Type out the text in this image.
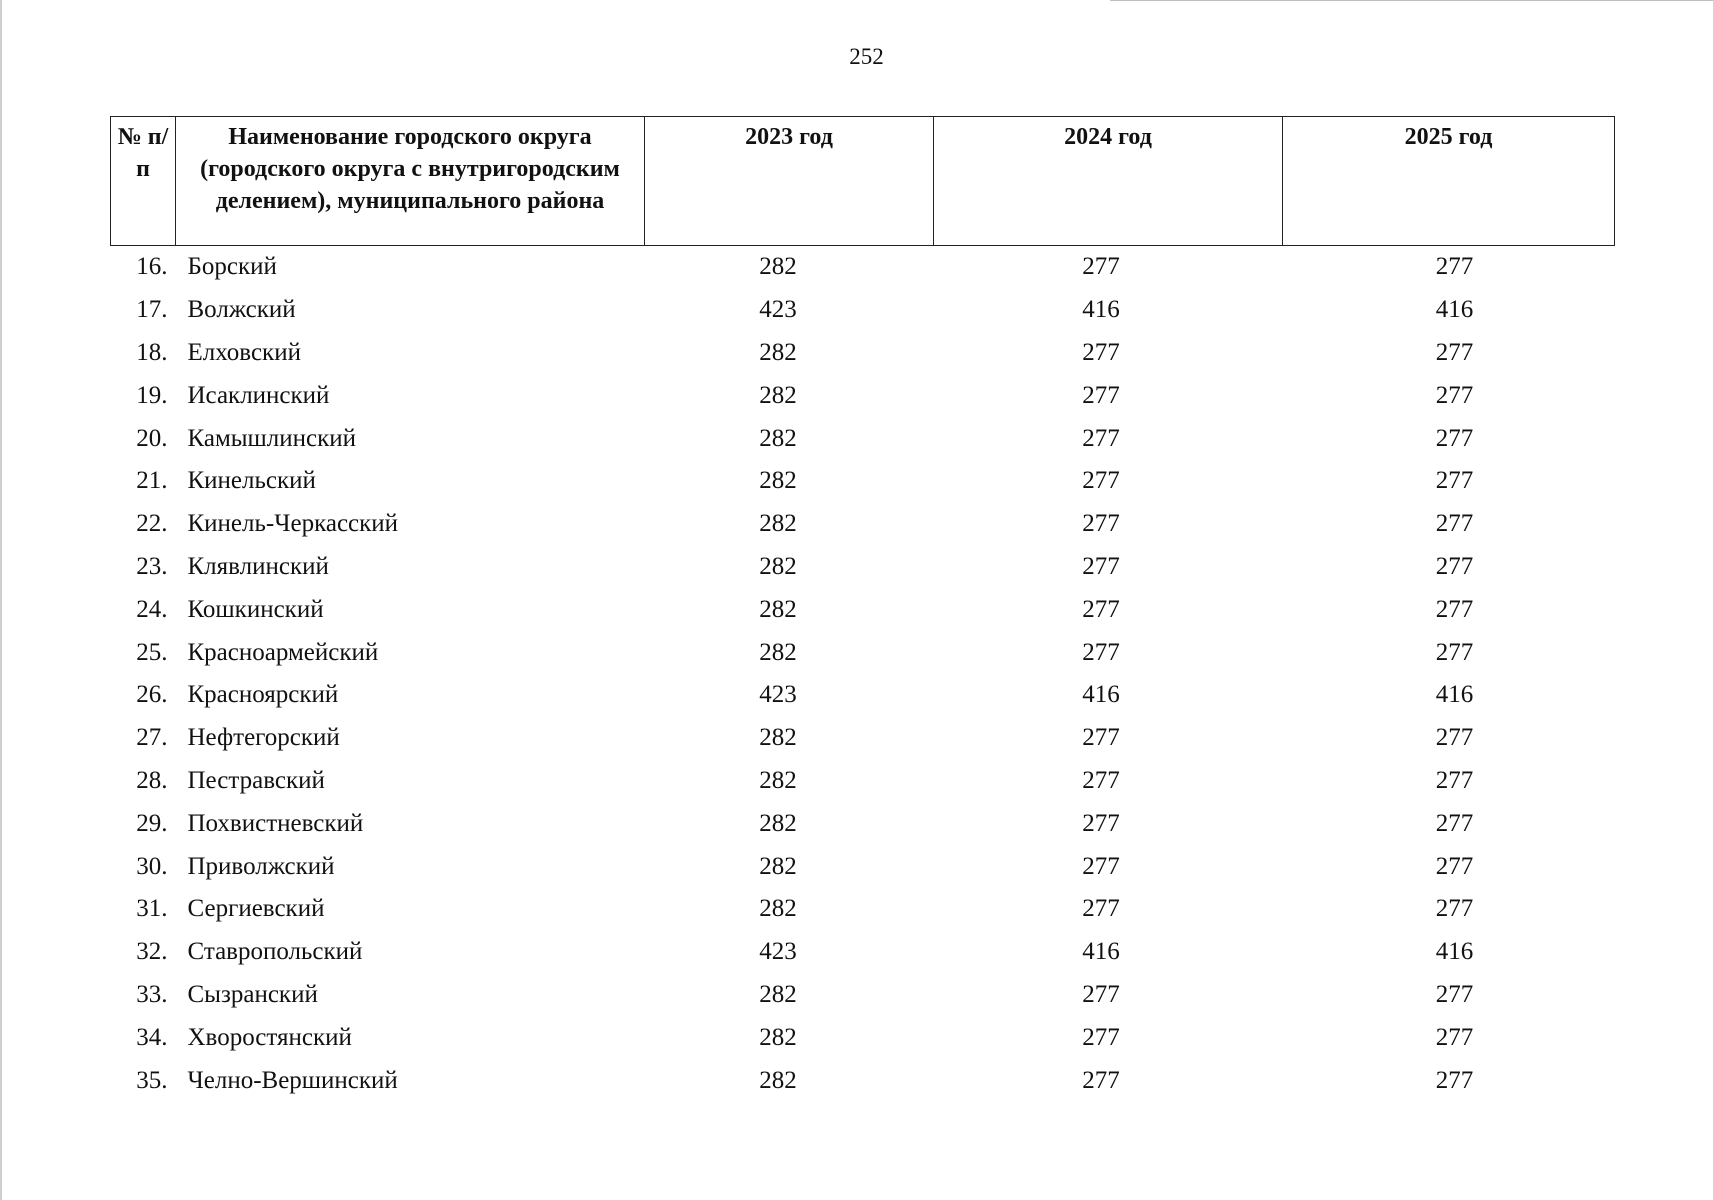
252
№ п/п	Наименование городского округа (городского округа с внутригородским делением), муниципального района	2023 год	2024 год	2025 год
16.	Борский	282	277	277
17.	Волжский	423	416	416
18.	Елховский	282	277	277
19.	Исаклинский	282	277	277
20.	Камышлинский	282	277	277
21.	Кинельский	282	277	277
22.	Кинель-Черкасский	282	277	277
23.	Клявлинский	282	277	277
24.	Кошкинский	282	277	277
25.	Красноармейский	282	277	277
26.	Красноярский	423	416	416
27.	Нефтегорский	282	277	277
28.	Пестравский	282	277	277
29.	Похвистневский	282	277	277
30.	Приволжский	282	277	277
31.	Сергиевский	282	277	277
32.	Ставропольский	423	416	416
33.	Сызранский	282	277	277
34.	Хворостянский	282	277	277
35.	Челно-Вершинский	282	277	277
